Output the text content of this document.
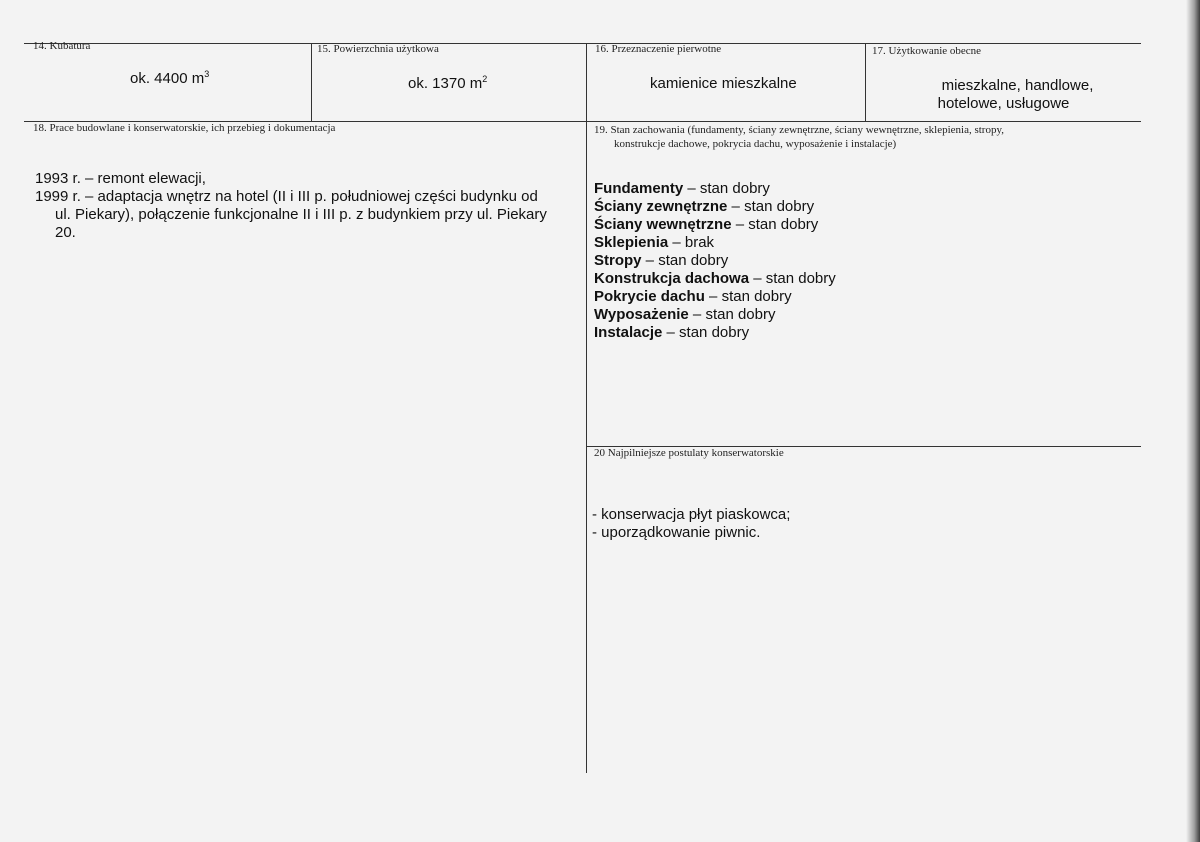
14. Kubatura
ok. 4400 $m^3$
15. Powierzchnia użytkowa
ok. 1370 $m^2$
16. Przeznaczenie pierwotne
kamienice mieszkalne
17. Użytkowanie obecne
mieszkalne, handlowe,
hotelowe, usługowe
18. Prace budowlane i konserwatorskie, ich przebieg i dokumentacja
1993 r. – remont elewacji,
1999 r. – adaptacja wnętrz na hotel (II i III p. południowej części budynku od
ul. Piekary), połączenie funkcjonalne II i III p. z budynkiem przy ul. Piekary
20.
19. Stan zachowania (fundamenty, ściany zewnętrzne, ściany wewnętrzne, sklepienia, stropy,
konstrukcje dachowe, pokrycia dachu, wyposażenie i instalacje)
Fundamenty – stan dobry
Ściany zewnętrzne – stan dobry
Ściany wewnętrzne – stan dobry
Sklepienia – brak
Stropy – stan dobry
Konstrukcja dachowa – stan dobry
Pokrycie dachu – stan dobry
Wyposażenie – stan dobry
Instalacje – stan dobry
20 Najpilniejsze postulaty konserwatorskie
- konserwacja płyt piaskowca;
- uporządkowanie piwnic.
